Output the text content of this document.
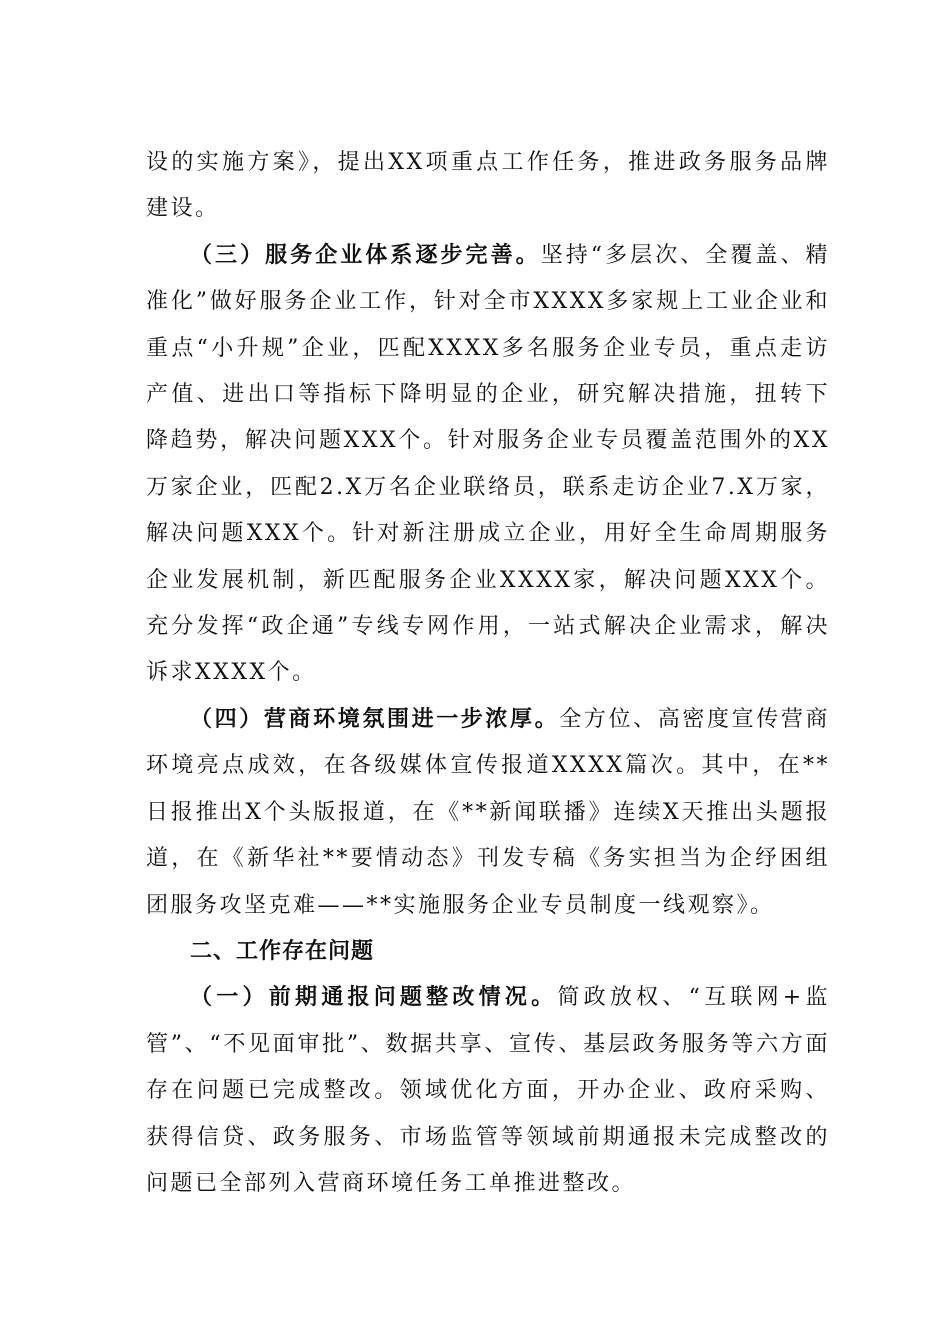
设的实施方案》，提出XX项重点工作任务，推进政务服务品牌建设。

（三）服务企业体系逐步完善。坚持“多层次、全覆盖、精准化”做好服务企业工作，针对全市XXXX多家规上工业企业和重点“小升规”企业，匹配XXXX多名服务企业专员，重点走访产值、进出口等指标下降明显的企业，研究解决措施，扭转下降趋势，解决问题XXX个。针对服务企业专员覆盖范围外的XX万家企业，匹配2.X万名企业联络员，联系走访企业7.X万家，解决问题XXX个。针对新注册成立企业，用好全生命周期服务企业发展机制，新匹配服务企业XXXX家，解决问题XXX个。充分发挥“政企通”专线专网作用，一站式解决企业需求，解决诉求XXXX个。

（四）营商环境氛围进一步浓厚。全方位、高密度宣传营商环境亮点成效，在各级媒体宣传报道XXXX篇次。其中，在**日报推出X个头版报道，在《**新闻联播》连续X天推出头题报道，在《新华社**要情动态》刊发专稿《务实担当为企纾困组团服务攻坚克难——**实施服务企业专员制度一线观察》。

二、工作存在问题

（一）前期通报问题整改情况。简政放权、“互联网+监管”、“不见面审批”、数据共享、宣传、基层政务服务等六方面存在问题已完成整改。领域优化方面，开办企业、政府采购、获得信贷、政务服务、市场监管等领域前期通报未完成整改的问题已全部列入营商环境任务工单推进整改。
